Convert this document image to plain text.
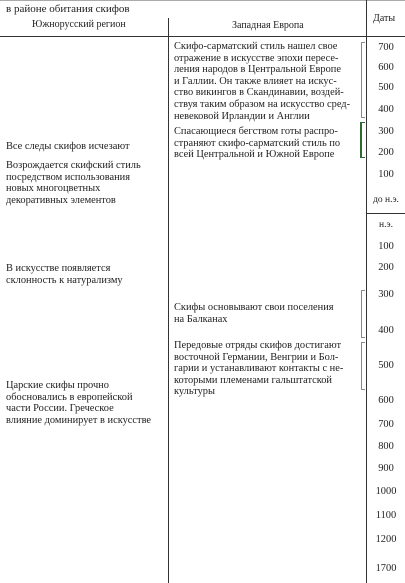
в районе обитания скифов
Южнорусский регион	Западная Европа
Даты
Все следы скифов исчезают
Возрождается скифский стиль
посредством использования
новых многоцветных
декоративных элементов
В искусстве появляется
склонность к натурализму
Царские скифы прочно
обосновались в европейской
части России. Греческое
влияние доминирует в искусстве
Скифо-сарматский стиль нашел свое
отражение в искусстве эпохи пересе-
ления народов в Центральной Европе
и Галлии. Он также влияет на искус-
ство викингов в Скандинавии, воздей-
ствуя таким образом на искусство сред-
невековой Ирландии и Англии
Спасающиеся бегством готы распро-
страняют скифо-сарматский стиль по
всей Центральной и Южной Европе
Скифы основывают свои поселения
на Балканах
Передовые отряды скифов достигают
восточной Германии, Венгрии и Бол-
гарии и устанавливают контакты с не-
которыми племенами гальштатской
культуры
700
600
500
400
300
200
100
до н.э.
н.э.
100
200
300
400
500
600
700
800
900
1000
1100
1200
1700
